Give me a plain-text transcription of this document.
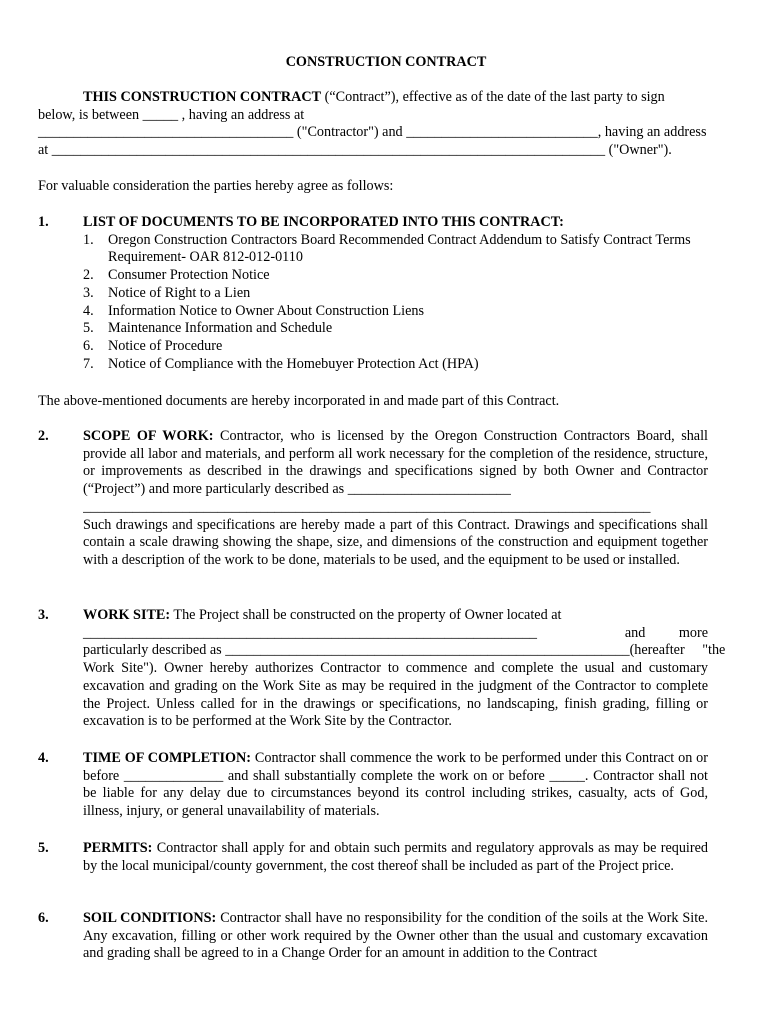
CONSTRUCTION CONTRACT
THIS CONSTRUCTION CONTRACT (“Contract”), effective as of the date of the last party to sign
below, is between _____ , having an address at
____________________________________ ("Contractor") and ___________________________, having an address
at ______________________________________________________________________________ ("Owner").
For valuable consideration the parties hereby agree as follows:
1. LIST OF DOCUMENTS TO BE INCORPORATED INTO THIS CONTRACT:
1. Oregon Construction Contractors Board Recommended Contract Addendum to Satisfy Contract Terms
Requirement- OAR 812-012-0110
2. Consumer Protection Notice
3. Notice of Right to a Lien
4. Information Notice to Owner About Construction Liens
5. Maintenance Information and Schedule
6. Notice of Procedure
7. Notice of Compliance with the Homebuyer Protection Act (HPA)
The above-mentioned documents are hereby incorporated in and made part of this Contract.
2. SCOPE OF WORK: Contractor, who is licensed by the Oregon Construction Contractors Board, shall provide all labor and materials, and perform all work necessary for the completion of the residence, structure, or improvements as described in the drawings and specifications signed by both Owner and Contractor (“Project”) and more particularly described as _______________________
________________________________________________________________________________
Such drawings and specifications are hereby made a part of this Contract. Drawings and specifications shall contain a scale drawing showing the shape, size, and dimensions of the construction and equipment together with a description of the work to be done, materials to be used, and the equipment to be used or installed.
3. WORK SITE: The Project shall be constructed on the property of Owner located at
________________________________________________________________	and more
particularly described as _________________________________________________________ (hereafter "the
Work Site"). Owner hereby authorizes Contractor to commence and complete the usual and customary excavation and grading on the Work Site as may be required in the judgment of the Contractor to complete the Project. Unless called for in the drawings or specifications, no landscaping, finish grading, filling or excavation is to be performed at the Work Site by the Contractor.
4. TIME OF COMPLETION: Contractor shall commence the work to be performed under this Contract on or before ______________ and shall substantially complete the work on or before _____. Contractor shall not be liable for any delay due to circumstances beyond its control including strikes, casualty, acts of God, illness, injury, or general unavailability of materials.
5. PERMITS: Contractor shall apply for and obtain such permits and regulatory approvals as may be required by the local municipal/county government, the cost thereof shall be included as part of the Project price.
6. SOIL CONDITIONS: Contractor shall have no responsibility for the condition of the soils at the Work Site. Any excavation, filling or other work required by the Owner other than the usual and customary excavation and grading shall be agreed to in a Change Order for an amount in addition to the Contract
